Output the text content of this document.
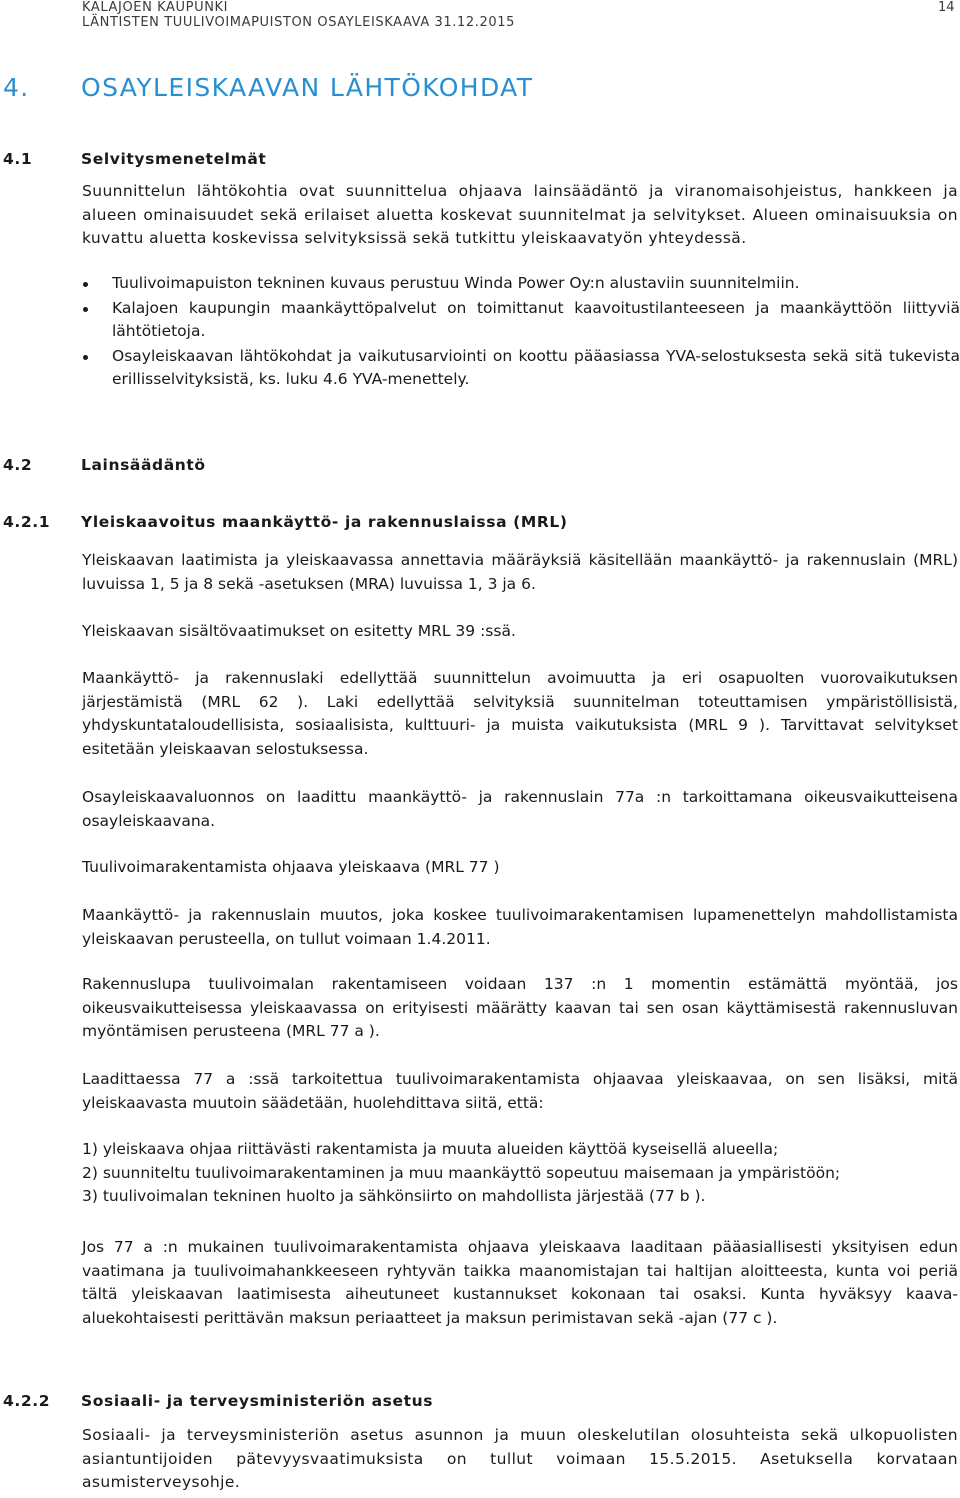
KALAJOEN KAUPUNKI
LÄNTISTEN TUULIVOIMAPUISTON OSAYLEISKAAVA 31.12.2015
14
4. OSAYLEISKAAVAN LÄHTÖKOHDAT
4.1	Selvitysmenetelmät

Suunnittelun lähtökohtia ovat suunnittelua ohjaava lainsäädäntö ja viranomaisohjeistus, hankkeen ja alueen ominaisuudet sekä erilaiset aluetta koskevat suunnitelmat ja selvitykset. Alueen ominaisuuksia on kuvattu aluetta koskevissa selvityksissä sekä tutkittu yleiskaavatyön yhteydessä.

Tuulivoimapuiston tekninen kuvaus perustuu Winda Power Oy:n alustaviin suunnitelmiin.
Kalajoen kaupungin maankäyttöpalvelut on toimittanut kaavoitustilanteeseen ja maankäyttöön liittyviä lähtötietoja.
Osayleiskaavan lähtökohdat ja vaikutusarviointi on koottu pääasiassa YVA-selostuksesta sekä sitä tukevista erillisselvityksistä, ks. luku 4.6 YVA-menettely.
4.2	Lainsäädäntö
4.2.1 Yleiskaavoitus maankäyttö- ja rakennuslaissa (MRL)

Yleiskaavan laatimista ja yleiskaavassa annettavia määräyksiä käsitellään maankäyttö- ja rakennuslain (MRL) luvuissa 1, 5 ja 8 sekä -asetuksen (MRA) luvuissa 1, 3 ja 6.

Yleiskaavan sisältövaatimukset on esitetty MRL 39 :ssä.

Maankäyttö- ja rakennuslaki edellyttää suunnittelun avoimuutta ja eri osapuolten vuorovaikutuksen järjestämistä (MRL 62 ). Laki edellyttää selvityksiä suunnitelman toteuttamisen ympäristöllisistä, yhdyskuntataloudellisista, sosiaalisista, kulttuuri- ja muista vaikutuksista (MRL 9 ). Tarvittavat selvitykset esitetään yleiskaavan selostuksessa.

Osayleiskaavaluonnos on laadittu maankäyttö- ja rakennuslain 77a :n tarkoittamana oikeusvaikutteisena osayleiskaavana.

Tuulivoimarakentamista ohjaava yleiskaava (MRL 77 )

Maankäyttö- ja rakennuslain muutos, joka koskee tuulivoimarakentamisen lupamenettelyn mahdollistamista yleiskaavan perusteella, on tullut voimaan 1.4.2011.

Rakennuslupa tuulivoimalan rakentamiseen voidaan 137 :n 1 momentin estämättä myöntää, jos oikeusvaikutteisessa yleiskaavassa on erityisesti määrätty kaavan tai sen osan käyttämisestä rakennusluvan myöntämisen perusteena (MRL 77 a ).

Laadittaessa 77 a :ssä tarkoitettua tuulivoimarakentamista ohjaavaa yleiskaavaa, on sen lisäksi, mitä yleiskaavasta muutoin säädetään, huolehdittava siitä, että:

1) yleiskaava ohjaa riittävästi rakentamista ja muuta alueiden käyttöä kyseisellä alueella;
2) suunniteltu tuulivoimarakentaminen ja muu maankäyttö sopeutuu maisemaan ja ympäristöön;
3) tuulivoimalan tekninen huolto ja sähkönsiirto on mahdollista järjestää (77 b ).

Jos 77 a :n mukainen tuulivoimarakentamista ohjaava yleiskaava laaditaan pääasiallisesti yksityisen edun vaatimana ja tuulivoimahankkeeseen ryhtyvän taikka maanomistajan tai haltijan aloitteesta, kunta voi periä tältä yleiskaavan laatimisesta aiheutuneet kustannukset kokonaan tai osaksi. Kunta hyväksyy kaava-aluekohtaisesti perittävän maksun periaatteet ja maksun perimistavan sekä -ajan (77 c ).

4.2.2 Sosiaali- ja terveysministeriön asetus

Sosiaali- ja terveysministeriön asetus asunnon ja muun oleskelutilan olosuhteista sekä ulkopuolisten asiantuntijoiden pätevyysvaatimuksista on tullut voimaan 15.5.2015. Asetuksella korvataan asumisterveysohje.
